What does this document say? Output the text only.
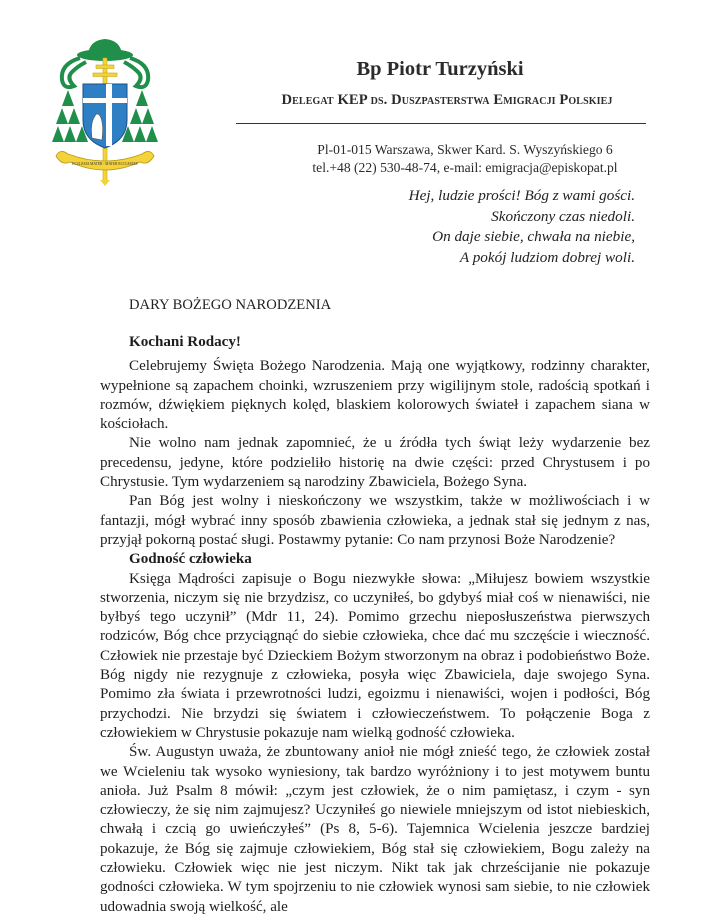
ECCLESIA MATER - MATER ECCLESIAE
Bp Piotr Turzyński
Delegat KEP ds. Duszpasterstwa Emigracji Polskiej
Pl-01-015 Warszawa, Skwer Kard. S. Wyszyńskiego 6
tel.+48 (22) 530-48-74, e-mail: emigracja@episkopat.pl
Hej, ludzie prości! Bóg z wami gości.
Skończony czas niedoli.
On daje siebie, chwała na niebie,
A pokój ludziom dobrej woli.
DARY BOŻEGO NARODZENIA
Kochani Rodacy!

Celebrujemy Święta Bożego Narodzenia. Mają one wyjątkowy, rodzinny charakter, wypełnione są zapachem choinki, wzruszeniem przy wigilijnym stole, radością spotkań i rozmów, dźwiękiem pięknych kolęd, blaskiem kolorowych świateł i zapachem siana w kościołach.

Nie wolno nam jednak zapomnieć, że u źródła tych świąt leży wydarzenie bez precedensu, jedyne, które podzieliło historię na dwie części: przed Chrystusem i po Chrystusie. Tym wydarzeniem są narodziny Zbawiciela, Bożego Syna.

Pan Bóg jest wolny i nieskończony we wszystkim, także w możliwościach i w fantazji, mógł wybrać inny sposób zbawienia człowieka, a jednak stał się jednym z nas, przyjął pokorną postać sługi. Postawmy pytanie: Co nam przynosi Boże Narodzenie?

Godność człowieka

Księga Mądrości zapisuje o Bogu niezwykłe słowa: „Miłujesz bowiem wszystkie stworzenia, niczym się nie brzydzisz, co uczyniłeś, bo gdybyś miał coś w nienawiści, nie byłbyś tego uczynił” (Mdr 11, 24). Pomimo grzechu nieposłuszeństwa pierwszych rodziców, Bóg chce przyciągnąć do siebie człowieka, chce dać mu szczęście i wieczność. Człowiek nie przestaje być Dzieckiem Bożym stworzonym na obraz i podobieństwo Boże. Bóg nigdy nie rezygnuje z człowieka, posyła więc Zbawiciela, daje swojego Syna. Pomimo zła świata i przewrotności ludzi, egoizmu i nienawiści, wojen i podłości, Bóg przychodzi. Nie brzydzi się światem i człowieczeństwem. To połączenie Boga z człowiekiem w Chrystusie pokazuje nam wielką godność człowieka.

Św. Augustyn uważa, że zbuntowany anioł nie mógł znieść tego, że człowiek został we Wcieleniu tak wysoko wyniesiony, tak bardzo wyróżniony i to jest motywem buntu anioła. Już Psalm 8 mówił: „czym jest człowiek, że o nim pamiętasz, i czym - syn człowieczy, że się nim zajmujesz? Uczyniłeś go niewiele mniejszym od istot niebieskich, chwałą i czcią go uwieńczyłeś” (Ps 8, 5-6). Tajemnica Wcielenia jeszcze bardziej pokazuje, że Bóg się zajmuje człowiekiem, Bóg stał się człowiekiem, Bogu zależy na człowieku. Człowiek więc nie jest niczym. Nikt tak jak chrześcijanie nie pokazuje godności człowieka. W tym spojrzeniu to nie człowiek wynosi sam siebie, to nie człowiek udowadnia swoją wielkość, ale
